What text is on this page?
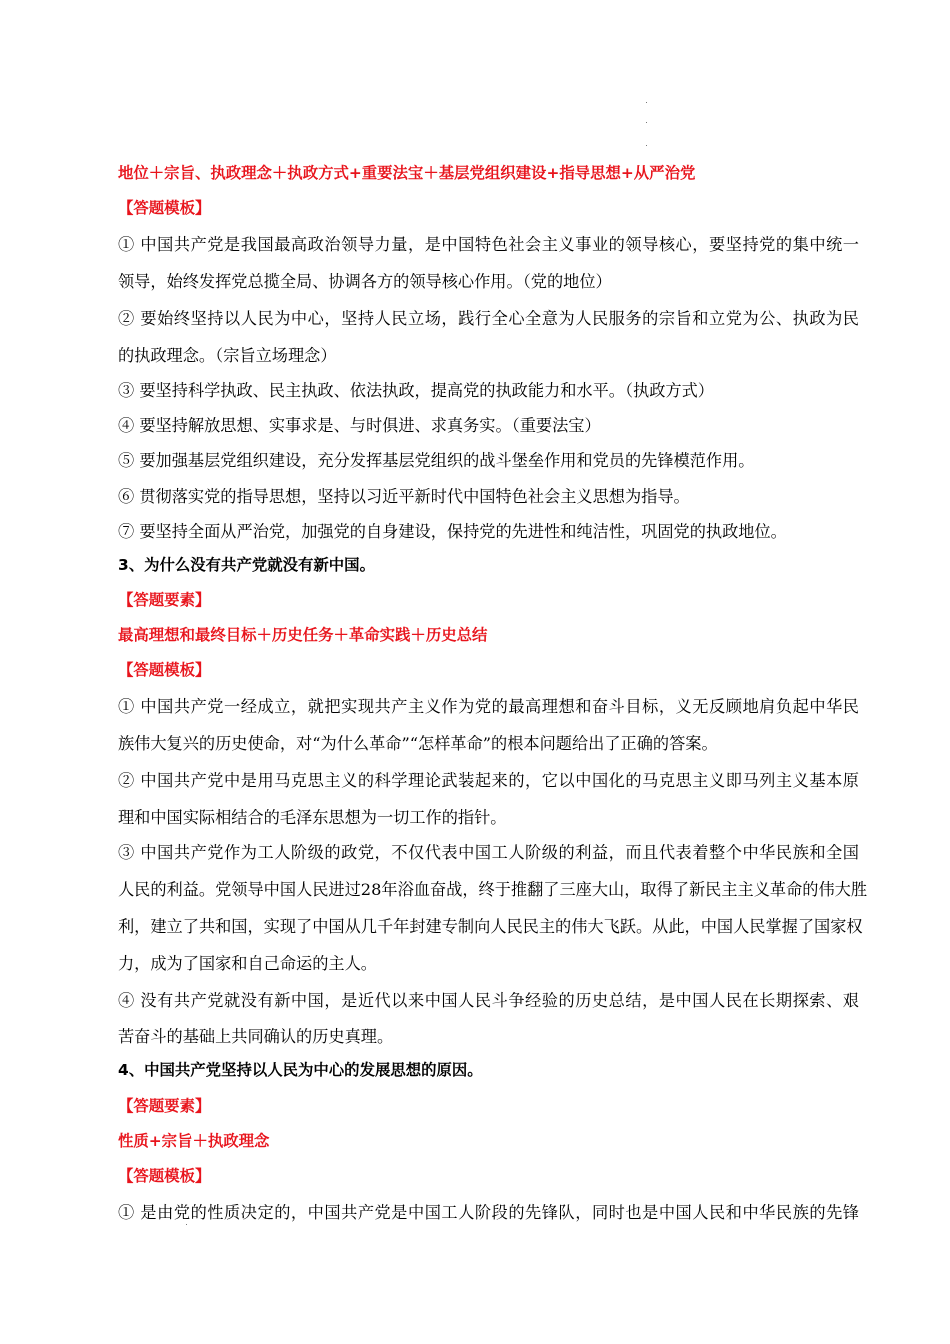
地位＋宗旨、执政理念＋执政方式+重要法宝＋基层党组织建设+指导思想+从严治党
【答题模板】
① 中国共产党是我国最高政治领导力量，是中国特色社会主义事业的领导核心，要坚持党的集中统一
领导，始终发挥党总揽全局、协调各方的领导核心作用。（党的地位）
② 要始终坚持以人民为中心，坚持人民立场，践行全心全意为人民服务的宗旨和立党为公、执政为民
的执政理念。（宗旨立场理念）
③ 要坚持科学执政、民主执政、依法执政，提高党的执政能力和水平。（执政方式）
④ 要坚持解放思想、实事求是、与时俱进、求真务实。（重要法宝）
⑤ 要加强基层党组织建设，充分发挥基层党组织的战斗堡垒作用和党员的先锋模范作用。
⑥ 贯彻落实党的指导思想，坚持以习近平新时代中国特色社会主义思想为指导。
⑦ 要坚持全面从严治党，加强党的自身建设，保持党的先进性和纯洁性，巩固党的执政地位。
3、为什么没有共产党就没有新中国。
【答题要素】
最高理想和最终目标＋历史任务＋革命实践＋历史总结
【答题模板】
① 中国共产党一经成立，就把实现共产主义作为党的最高理想和奋斗目标，义无反顾地肩负起中华民
族伟大复兴的历史使命，对“为什么革命”“怎样革命”的根本问题给出了正确的答案。
② 中国共产党中是用马克思主义的科学理论武装起来的，它以中国化的马克思主义即马列主义基本原
理和中国实际相结合的毛泽东思想为一切工作的指针。
③ 中国共产党作为工人阶级的政党，不仅代表中国工人阶级的利益，而且代表着整个中华民族和全国
人民的利益。党领导中国人民进过28年浴血奋战，终于推翻了三座大山，取得了新民主主义革命的伟大胜
利，建立了共和国，实现了中国从几千年封建专制向人民民主的伟大飞跃。从此，中国人民掌握了国家权
力，成为了国家和自己命运的主人。
④ 没有共产党就没有新中国，是近代以来中国人民斗争经验的历史总结，是中国人民在长期探索、艰
苦奋斗的基础上共同确认的历史真理。
4、中国共产党坚持以人民为中心的发展思想的原因。
【答题要素】
性质+宗旨＋执政理念
【答题模板】
① 是由党的性质决定的，中国共产党是中国工人阶段的先锋队，同时也是中国人民和中华民族的先锋
